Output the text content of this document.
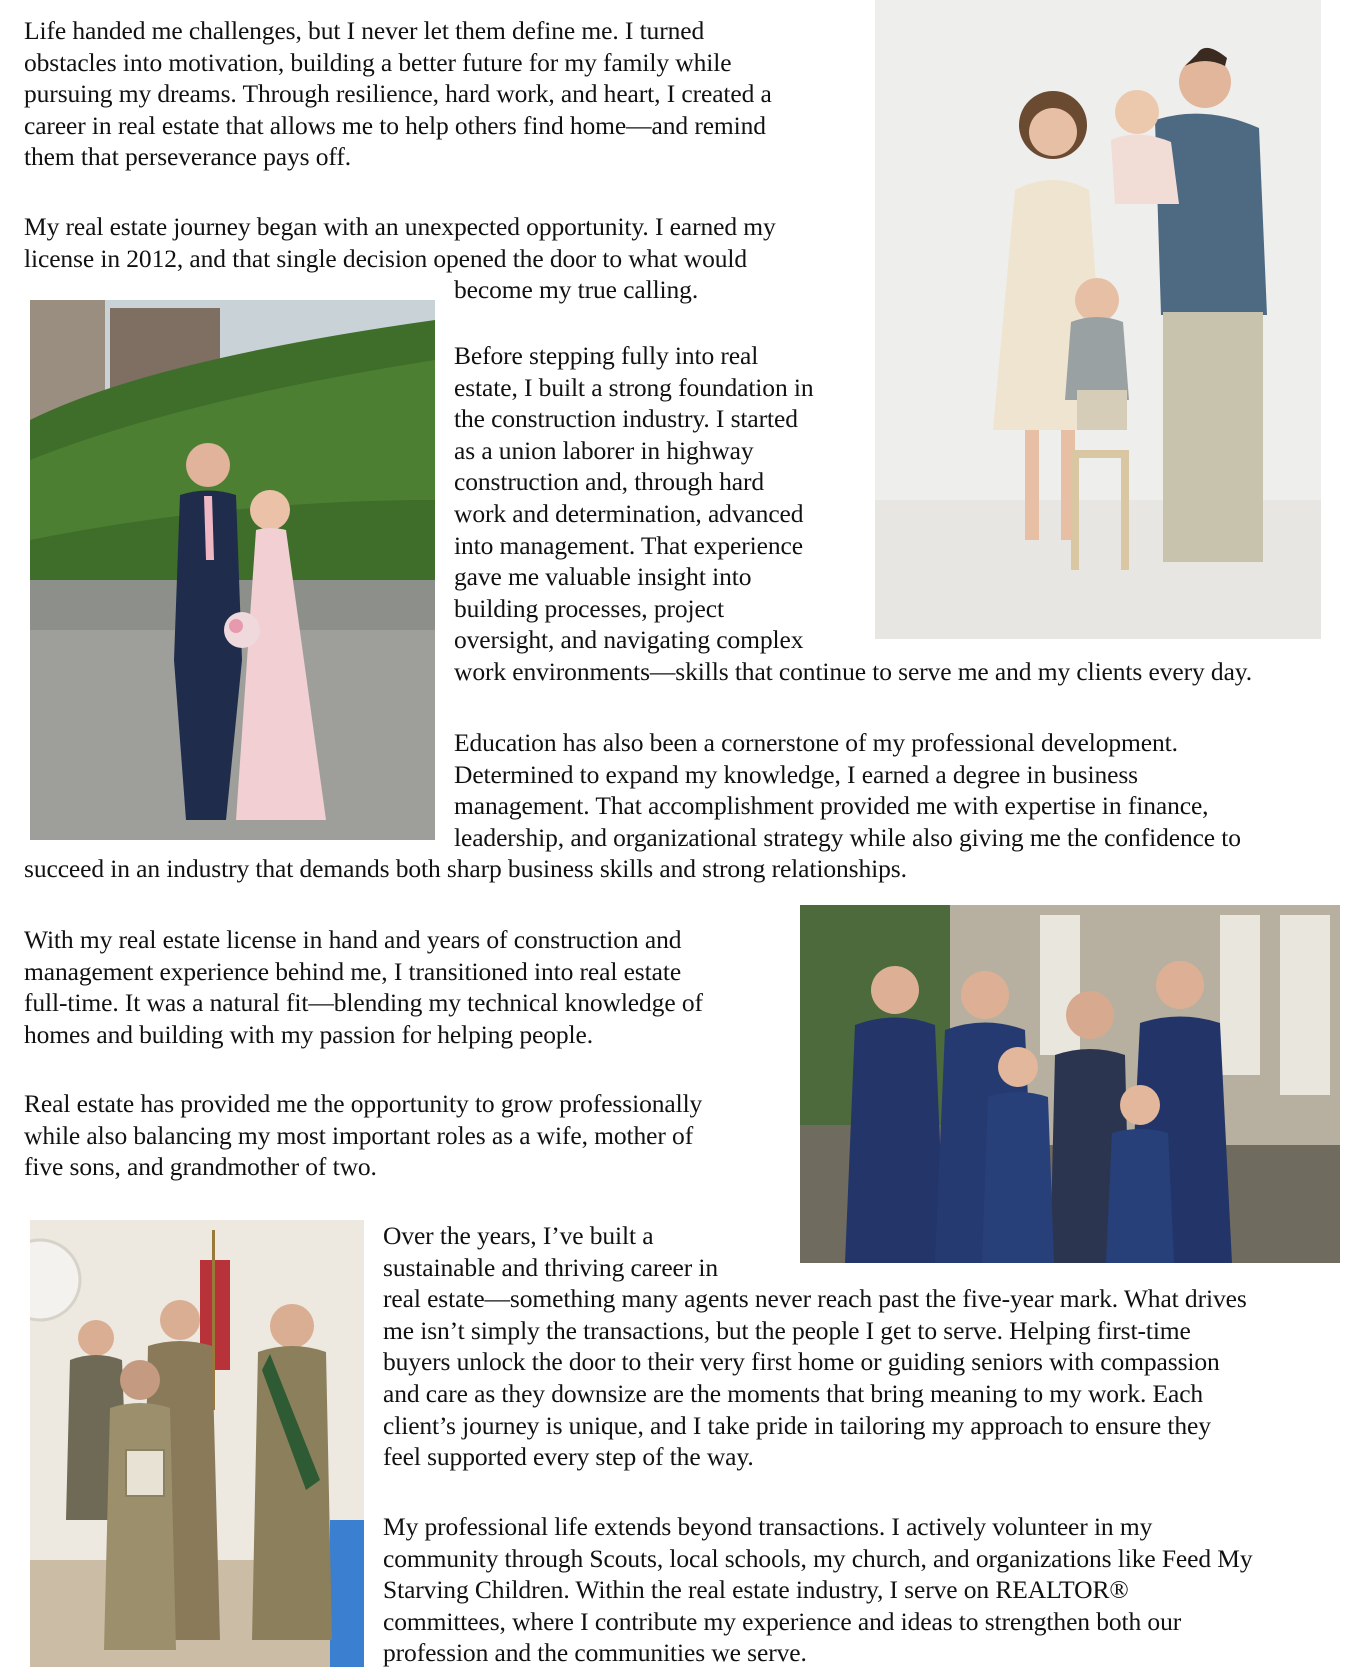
Life handed me challenges, but I never let them define me. I turned
obstacles into motivation, building a better future for my family while
pursuing my dreams. Through resilience, hard work, and heart, I created a
career in real estate that allows me to help others find home—and remind
them that perseverance pays off.
My real estate journey began with an unexpected opportunity. I earned my
license in 2012, and that single decision opened the door to what would
become my true calling.
Before stepping fully into real
estate, I built a strong foundation in
the construction industry. I started
as a union laborer in highway
construction and, through hard
work and determination, advanced
into management. That experience
gave me valuable insight into
building processes, project
oversight, and navigating complex
work environments—skills that continue to serve me and my clients every day.
Education has also been a cornerstone of my professional development.
Determined to expand my knowledge, I earned a degree in business
management. That accomplishment provided me with expertise in finance,
leadership, and organizational strategy while also giving me the confidence to
succeed in an industry that demands both sharp business skills and strong relationships.
With my real estate license in hand and years of construction and
management experience behind me, I transitioned into real estate
full-time. It was a natural fit—blending my technical knowledge of
homes and building with my passion for helping people.
Real estate has provided me the opportunity to grow professionally
while also balancing my most important roles as a wife, mother of
five sons, and grandmother of two.
Over the years, I’ve built a
sustainable and thriving career in
real estate—something many agents never reach past the five-year mark. What drives
me isn’t simply the transactions, but the people I get to serve. Helping first-time
buyers unlock the door to their very first home or guiding seniors with compassion
and care as they downsize are the moments that bring meaning to my work. Each
client’s journey is unique, and I take pride in tailoring my approach to ensure they
feel supported every step of the way.
My professional life extends beyond transactions. I actively volunteer in my
community through Scouts, local schools, my church, and organizations like Feed My
Starving Children. Within the real estate industry, I serve on REALTOR®
committees, where I contribute my experience and ideas to strengthen both our
profession and the communities we serve.
